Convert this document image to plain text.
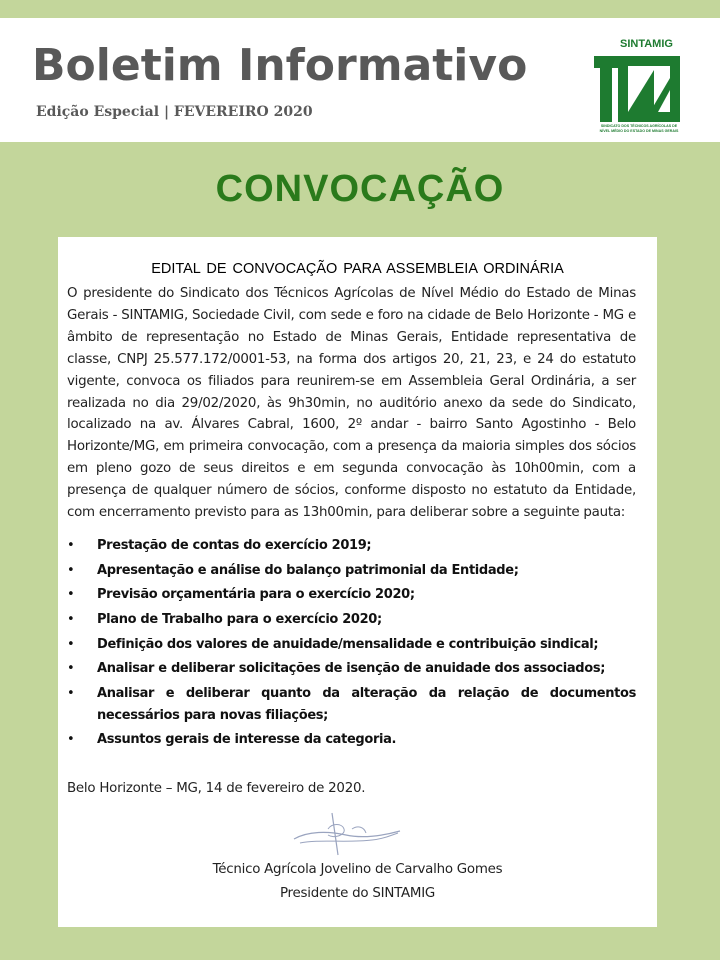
Boletim Informativo
Edição Especial | FEVEREIRO 2020
SINTAMIG
SINDICATO DOS TÉCNICOS AGRÍCOLAS DE NÍVEL MÉDIO DO ESTADO DE MINAS GERAIS
CONVOCAÇÃO
EDITAL DE CONVOCAÇÃO PARA ASSEMBLEIA ORDINÁRIA
O presidente do Sindicato dos Técnicos Agrícolas de Nível Médio do Estado de Minas Gerais - SINTAMIG, Sociedade Civil, com sede e foro na cidade de Belo Horizonte - MG e âmbito de representação no Estado de Minas Gerais, Entidade representativa de classe, CNPJ 25.577.172/0001-53, na forma dos artigos 20, 21, 23, e 24 do estatuto vigente, convoca os filiados para reunirem-se em Assembleia Geral Ordinária, a ser realizada no dia 29/02/2020, às 9h30min, no auditório anexo da sede do Sindicato, localizado na av. Álvares Cabral, 1600, 2º andar - bairro Santo Agostinho - Belo Horizonte/MG, em primeira convocação, com a presença da maioria simples dos sócios em pleno gozo de seus direitos e em segunda convocação às 10h00min, com a presença de qualquer número de sócios, conforme disposto no estatuto da Entidade, com encerramento previsto para as 13h00min, para deliberar sobre a seguinte pauta:
• Prestação de contas do exercício 2019;
• Apresentação e análise do balanço patrimonial da Entidade;
• Previsão orçamentária para o exercício 2020;
• Plano de Trabalho para o exercício 2020;
• Definição dos valores de anuidade/mensalidade e contribuição sindical;
• Analisar e deliberar solicitações de isenção de anuidade dos associados;
• Analisar e deliberar quanto da alteração da relação de documentos necessários para novas filiações;
• Assuntos gerais de interesse da categoria.
Belo Horizonte – MG, 14 de fevereiro de 2020.
Técnico Agrícola Jovelino de Carvalho Gomes
Presidente do SINTAMIG
